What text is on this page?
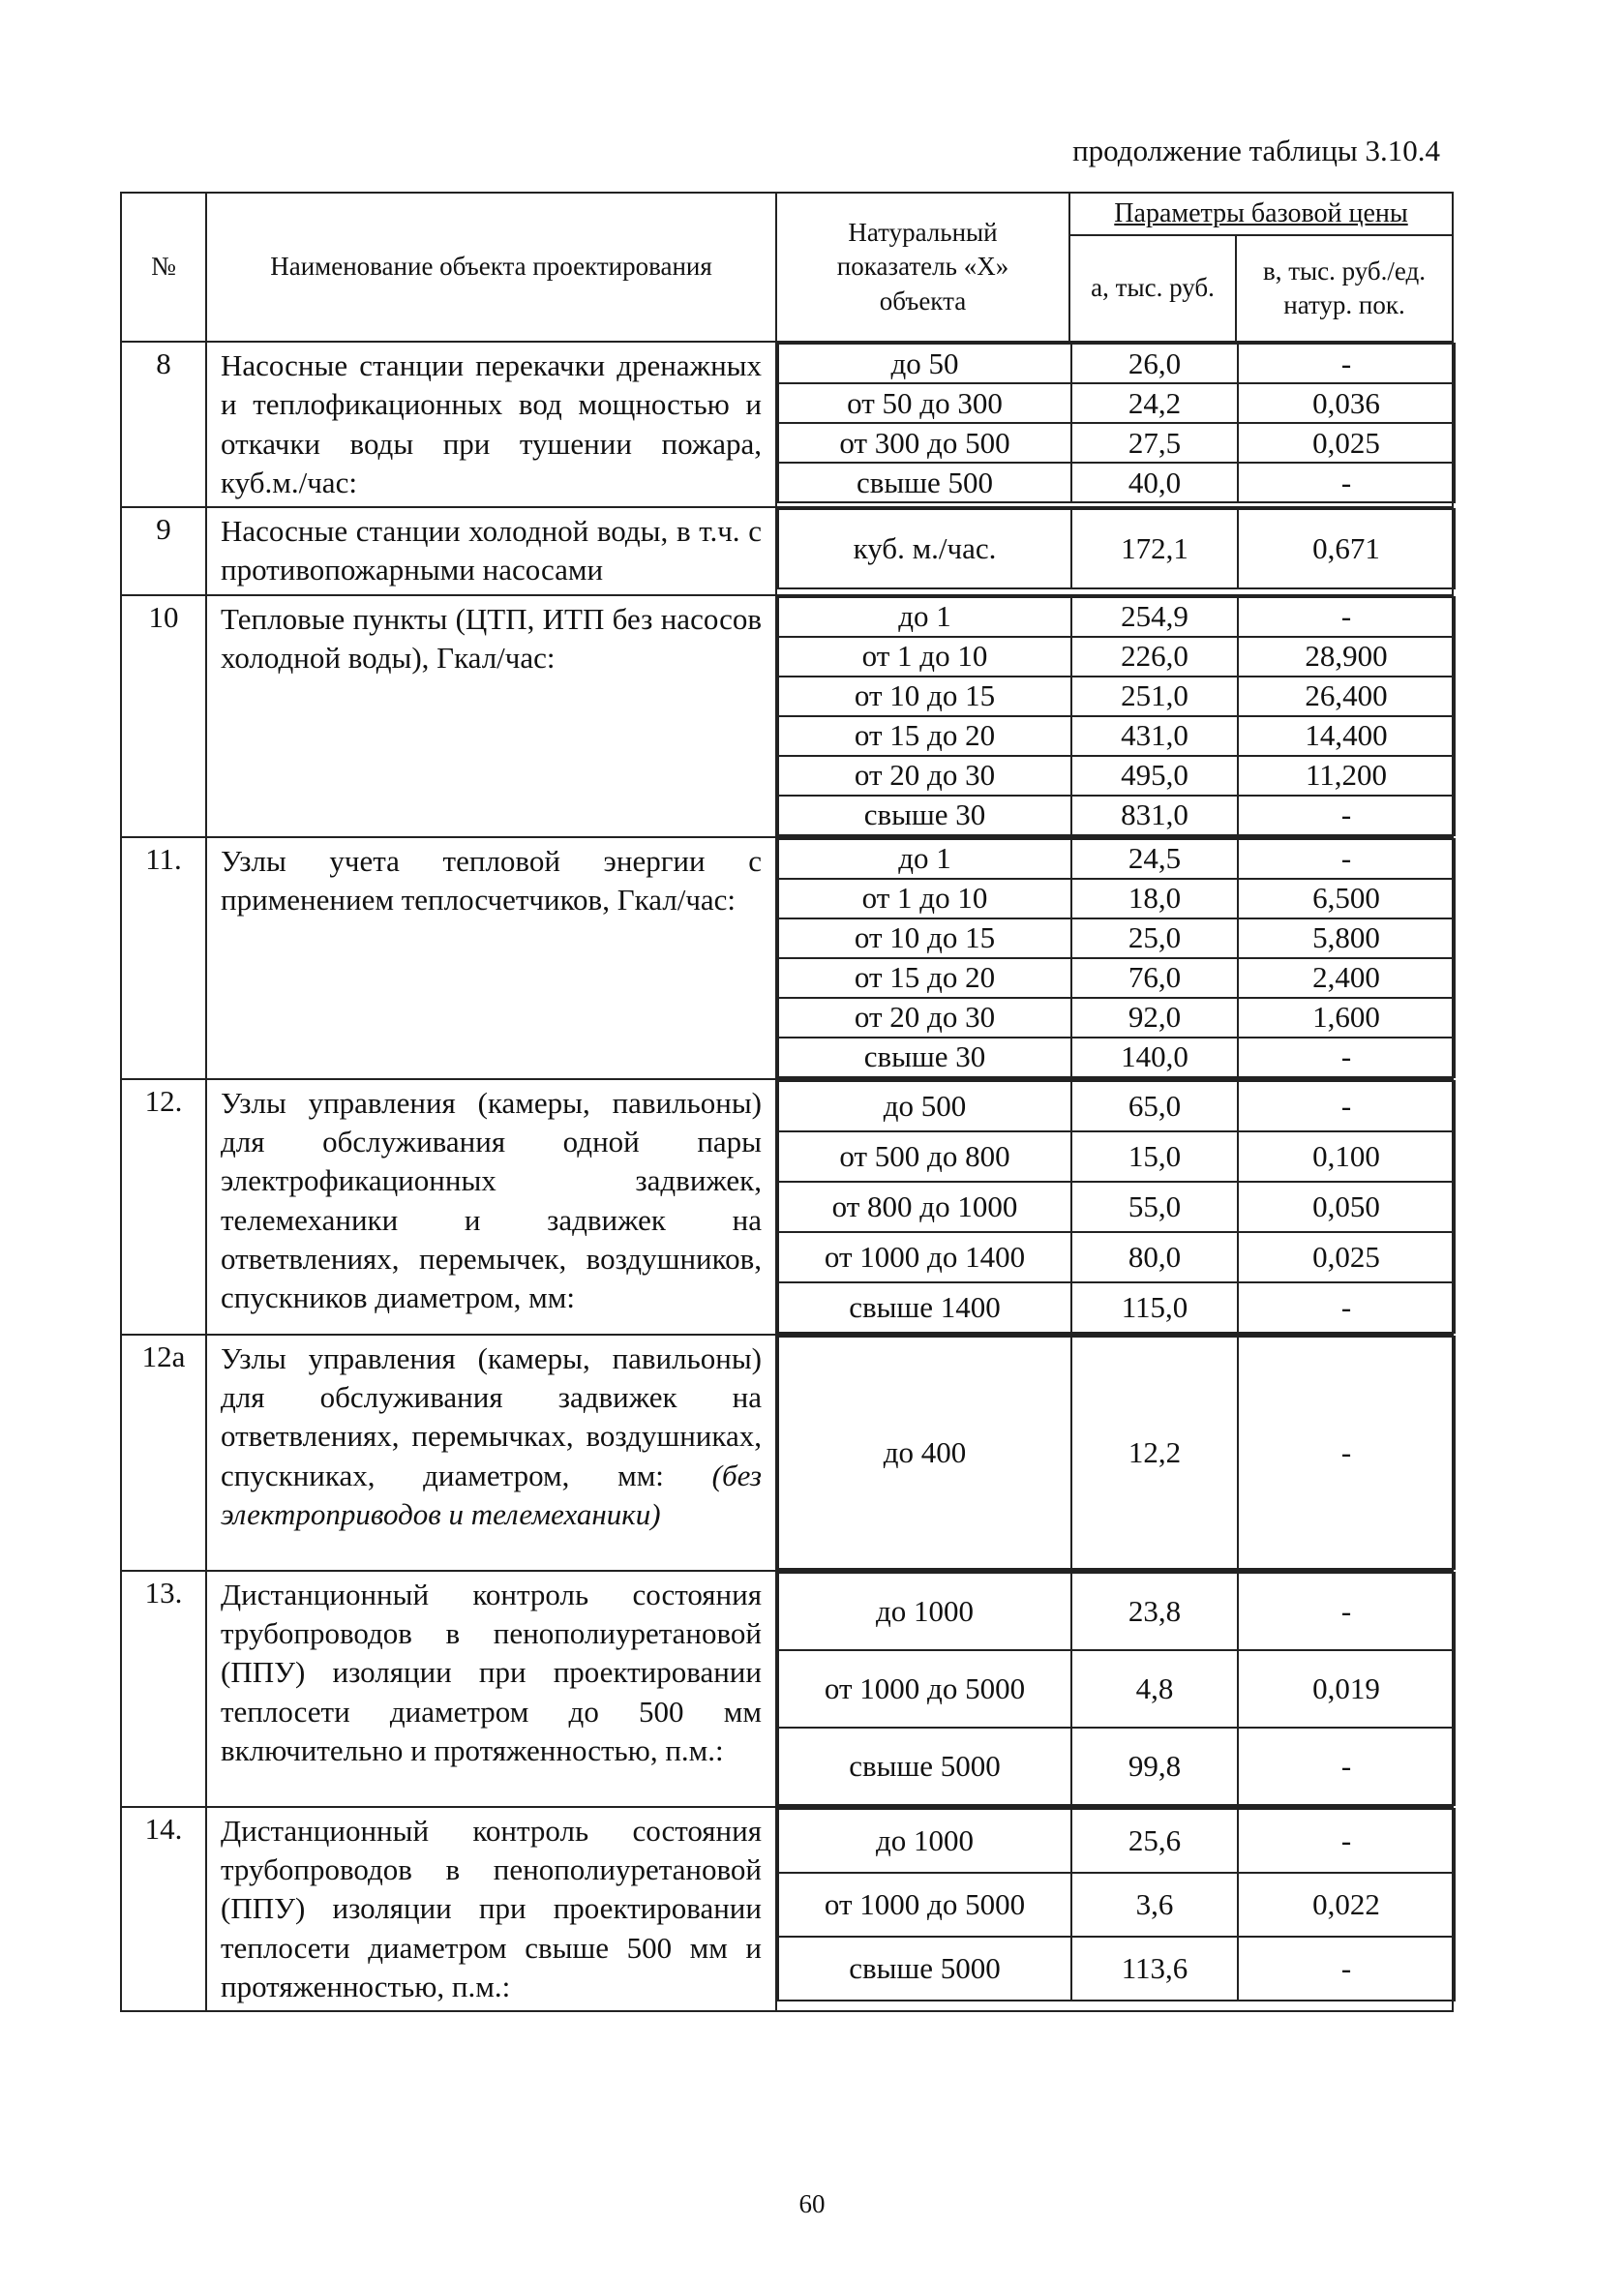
продолжение таблицы 3.10.4
№	Наименование объекта проектирования	Натуральный показатель «Х» объекта	Параметры базовой цены
а, тыс. руб.	в, тыс. руб./ед. натур. пок.
8	Насосные станции перекачки дренажных и теплофикационных вод мощностью и откачки воды при тушении пожара, куб.м./час:	
до 50	26,0	-
от 50 до 300	24,2	0,036
от 300 до 500	27,5	0,025
свыше 500	40,0	-

9	Насосные станции холодной воды, в т.ч. с противопожарными насосами	
куб. м./час.	172,1	0,671

10	Тепловые пункты (ЦТП, ИТП без насосов холодной воды), Гкал/час:	
до 1	254,9	-
от 1 до 10	226,0	28,900
от 10 до 15	251,0	26,400
от 15 до 20	431,0	14,400
от 20 до 30	495,0	11,200
свыше 30	831,0	-

11.	Узлы учета тепловой энергии с применением теплосчетчиков, Гкал/час:	
до 1	24,5	-
от 1 до 10	18,0	6,500
от 10 до 15	25,0	5,800
от 15 до 20	76,0	2,400
от 20 до 30	92,0	1,600
свыше 30	140,0	-

12.	Узлы управления (камеры, павильоны) для обслуживания одной пары электрофикационных задвижек, телемеханики и задвижек на ответвлениях, перемычек, воздушников, спускников диаметром, мм:	
до 500	65,0	-
от 500 до 800	15,0	0,100
от 800 до 1000	55,0	0,050
от 1000 до 1400	80,0	0,025
свыше 1400	115,0	-

12а	Узлы управления (камеры, павильоны) для обслуживания задвижек на ответвлениях, перемычках, воздушниках, спускниках, диаметром, мм: (без электроприводов и телемеханики)	
до 400	12,2	-

13.	Дистанционный контроль состояния трубопроводов в пенополиуретановой (ППУ) изоляции при проектировании теплосети диаметром до 500 мм включительно и протяженностью, п.м.:	
до 1000	23,8	-
от 1000 до 5000	4,8	0,019
свыше 5000	99,8	-

14.	Дистанционный контроль состояния трубопроводов в пенополиуретановой (ППУ) изоляции при проектировании теплосети диаметром свыше 500 мм и протяженностью, п.м.:	
до 1000	25,6	-
от 1000 до 5000	3,6	0,022
свыше 5000	113,6	-
60
